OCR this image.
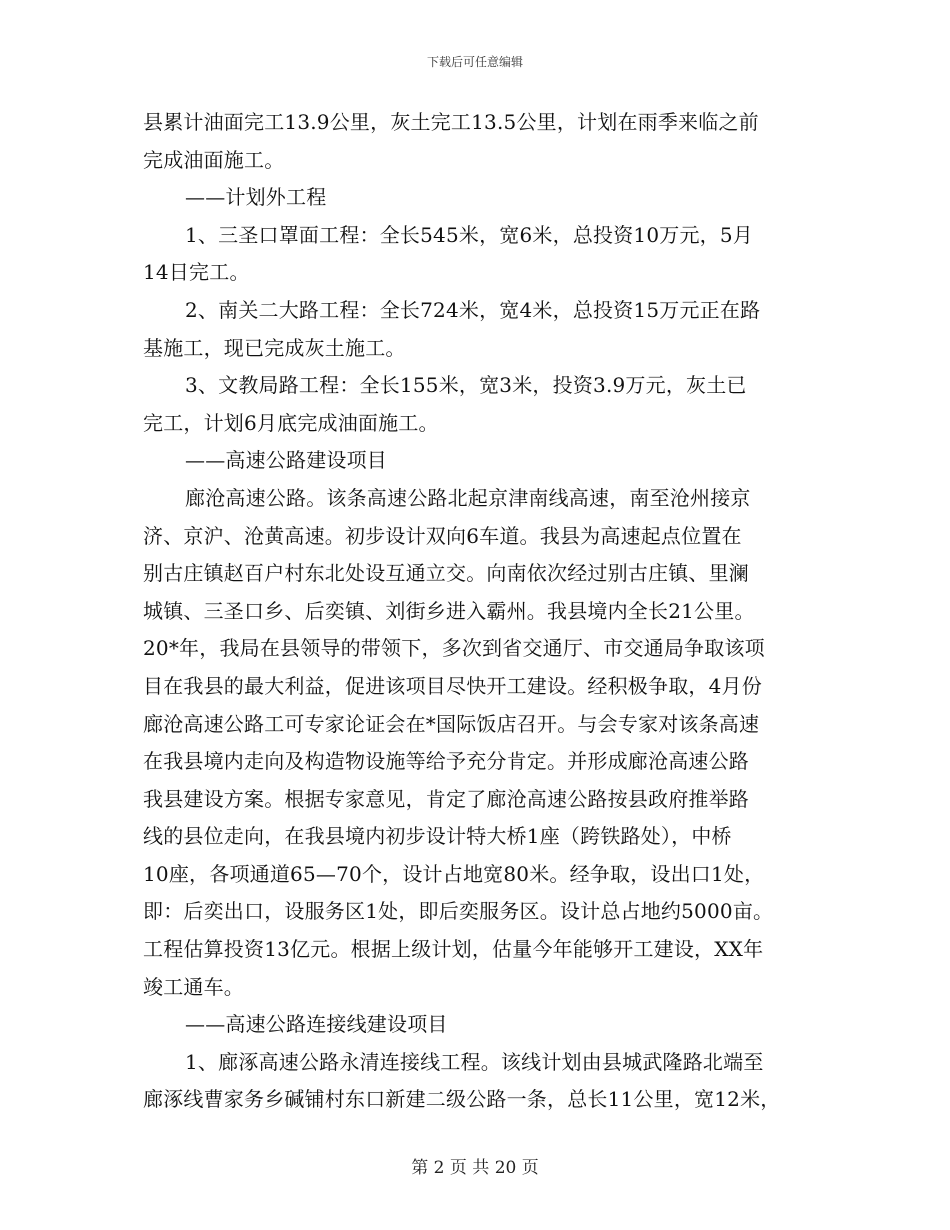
下载后可任意编辑
县累计油面完工13.9公里，灰土完工13.5公里，计划在雨季来临之前
完成油面施工。
——计划外工程
1、三圣口罩面工程：全长545米，宽6米，总投资10万元，5月
14日完工。
2、南关二大路工程：全长724米，宽4米，总投资15万元正在路
基施工，现已完成灰土施工。
3、文教局路工程：全长155米，宽3米，投资3.9万元，灰土已
完工，计划6月底完成油面施工。
——高速公路建设项目
廊沧高速公路。该条高速公路北起京津南线高速，南至沧州接京
济、京沪、沧黄高速。初步设计双向6车道。我县为高速起点位置在
别古庄镇赵百户村东北处设互通立交。向南依次经过别古庄镇、里澜
城镇、三圣口乡、后奕镇、刘街乡进入霸州。我县境内全长21公里。
20*年，我局在县领导的带领下，多次到省交通厅、市交通局争取该项
目在我县的最大利益，促进该项目尽快开工建设。经积极争取，4月份
廊沧高速公路工可专家论证会在*国际饭店召开。与会专家对该条高速
在我县境内走向及构造物设施等给予充分肯定。并形成廊沧高速公路
我县建设方案。根据专家意见，肯定了廊沧高速公路按县政府推举路
线的县位走向，在我县境内初步设计特大桥1座（跨铁路处），中桥
10座，各项通道65—70个，设计占地宽80米。经争取，设出口1处，
即：后奕出口，设服务区1处，即后奕服务区。设计总占地约5000亩。
工程估算投资13亿元。根据上级计划，估量今年能够开工建设，XX年
竣工通车。
——高速公路连接线建设项目
1、廊涿高速公路永清连接线工程。该线计划由县城武隆路北端至
廊涿线曹家务乡碱铺村东口新建二级公路一条，总长11公里，宽12米，
第 2 页 共 20 页
